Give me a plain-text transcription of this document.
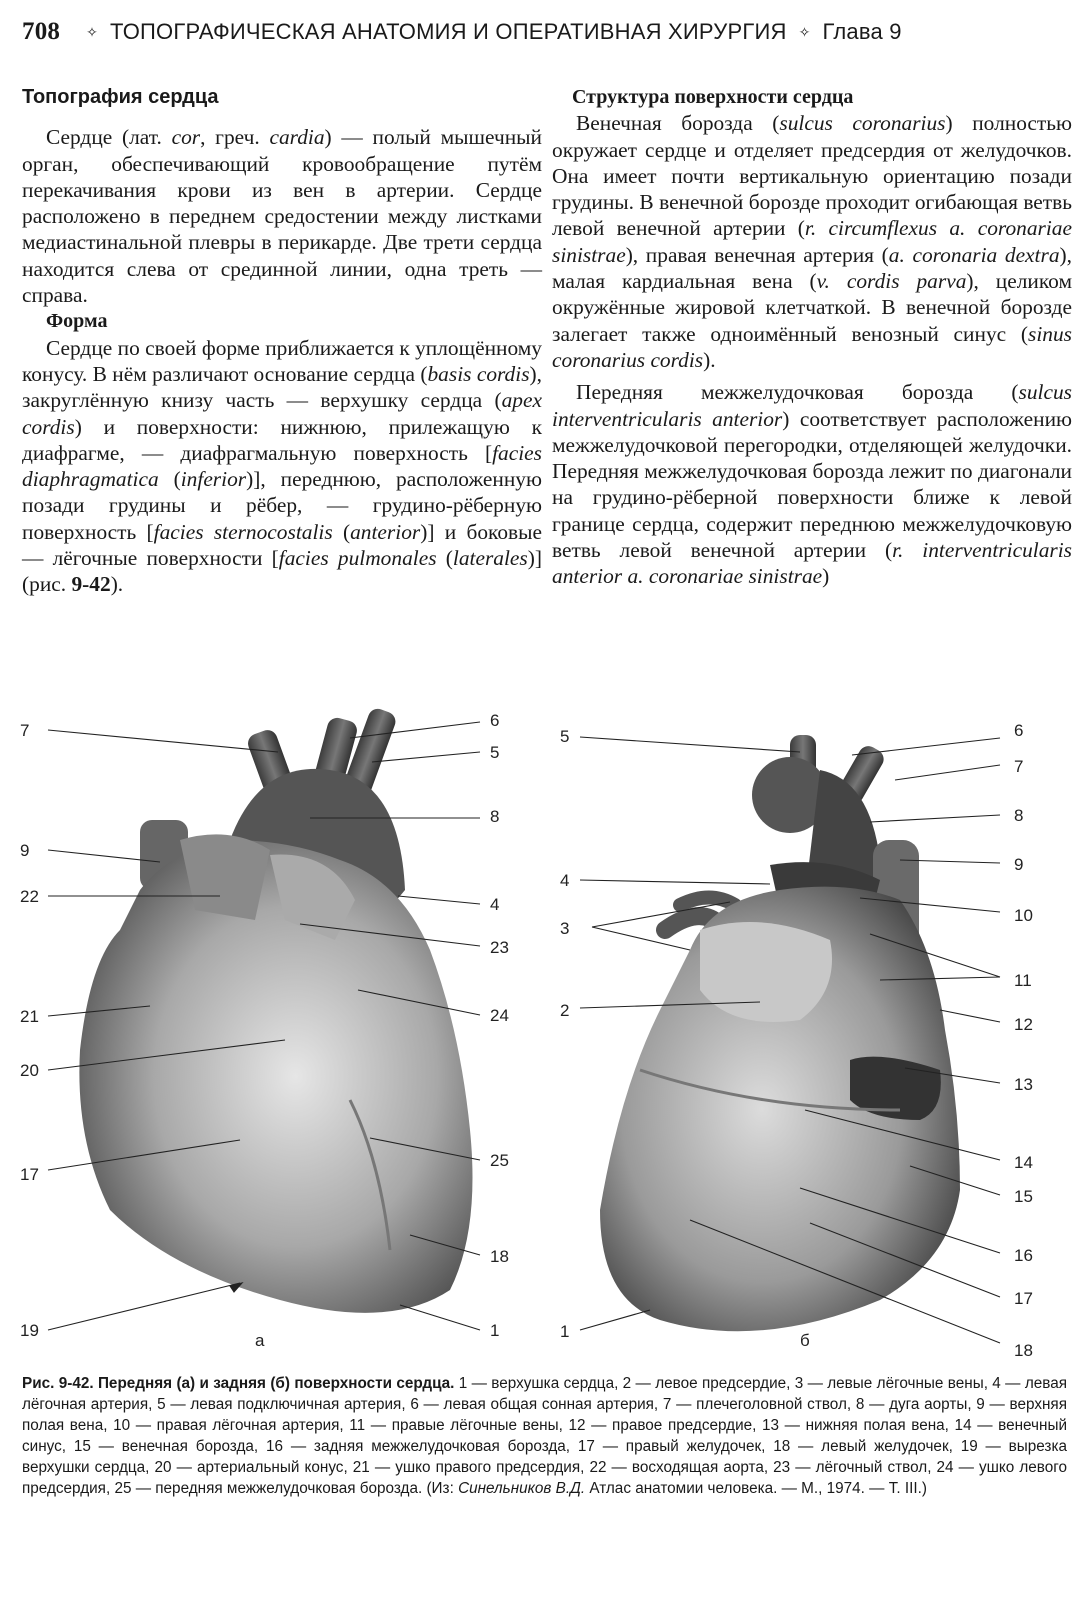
708 ✧ ТОПОГРАФИЧЕСКАЯ АНАТОМИЯ И ОПЕРАТИВНАЯ ХИРУРГИЯ ✧ Глава 9
Топография сердца

Сердце (лат. cor, греч. cardia) — полый мышечный орган, обеспечивающий кровообращение путём перекачивания крови из вен в артерии. Сердце расположено в переднем средостении между листками медиастинальной плевры в перикарде. Две трети сердца находится слева от срединной линии, одна треть — справа.

Форма

Сердце по своей форме приближается к уплощённому конусу. В нём различают основание сердца (basis cordis), закруглённую книзу часть — верхушку сердца (apex cordis) и поверхности: нижнюю, прилежащую к диафрагме, — диафрагмальную поверхность [facies diaphragmatica (inferior)], переднюю, расположенную позади грудины и рёбер, — грудино-рёберную поверхность [facies sternocostalis (anterior)] и боковые — лёгочные поверхности [facies pulmonales (laterales)] (рис. 9-42).

Структура поверхности сердца

Венечная борозда (sulcus coronarius) полностью окружает сердце и отделяет предсердия от желудочков. Она имеет почти вертикальную ориентацию позади грудины. В венечной борозде проходит огибающая ветвь левой венечной артерии (r. circumflexus a. coronariae sinistrae), правая венечная артерия (a. coronaria dextra), малая кардиальная вена (v. cordis parva), целиком окружённые жировой клетчаткой. В венечной борозде залегает также одноимённый венозный синус (sinus coronarius cordis).

Передняя межжелудочковая борозда (sulcus interventricularis anterior) соответствует расположению межжелудочковой перегородки, отделяющей желудочки. Передняя межжелудочковая борозда лежит по диагонали на грудино-рёберной поверхности ближе к левой границе сердца, содержит переднюю межжелудочковую ветвь левой венечной артерии (r. interventricularis anterior a. coronariae sinistrae)

7
6
5
8
9
22	4
23
21	24
20
17
25
18
19	1
а
5	6
7
8
9
4
10
3
11
2
12
13
14
15
16
17
1
18
б
Рис. 9-42. Передняя (а) и задняя (б) поверхности сердца. 1 — верхушка сердца, 2 — левое предсердие, 3 — левые лёгочные вены, 4 — левая лёгочная артерия, 5 — левая подключичная артерия, 6 — левая общая сонная артерия, 7 — плечеголовной ствол, 8 — дуга аорты, 9 — верхняя полая вена, 10 — правая лёгочная артерия, 11 — правые лёгочные вены, 12 — правое предсердие, 13 — нижняя полая вена, 14 — венечный синус, 15 — венечная борозда, 16 — задняя межжелудочковая борозда, 17 — правый желудочек, 18 — левый желудочек, 19 — вырезка верхушки сердца, 20 — артериальный конус, 21 — ушко правого предсердия, 22 — восходящая аорта, 23 — лёгочный ствол, 24 — ушко левого предсердия, 25 — передняя межжелудочковая борозда. (Из: Синельников В.Д. Атлас анатомии человека. — М., 1974. — Т. III.)
